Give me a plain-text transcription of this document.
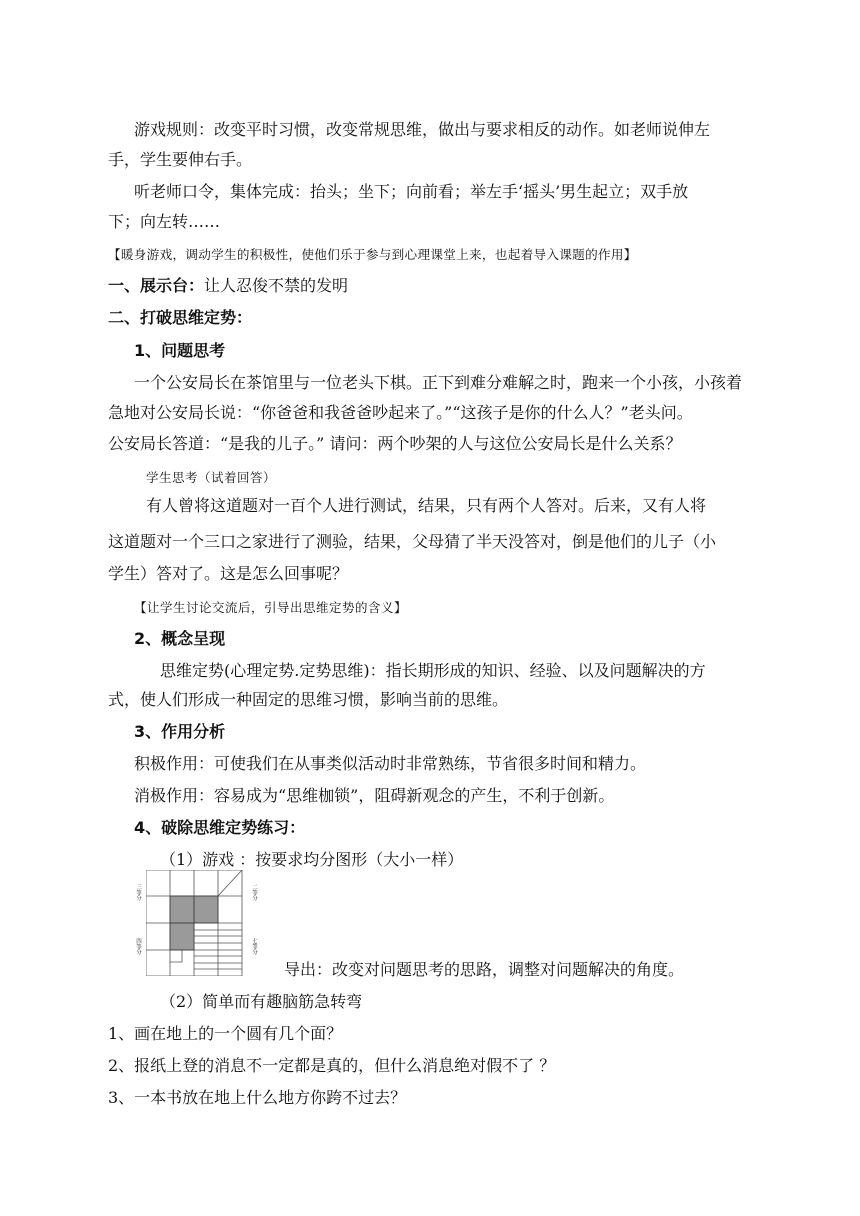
游戏规则：改变平时习惯，改变常规思维，做出与要求相反的动作。如老师说伸左
手，学生要伸右手。
听老师口令，集体完成：抬头；坐下；向前看；举左手‘摇头’男生起立；双手放
下；向左转……
【暖身游戏，调动学生的积极性，使他们乐于参与到心理课堂上来，也起着导入课题的作用】
一、展示台：让人忍俊不禁的发明
二、打破思维定势：
1、问题思考
一个公安局长在茶馆里与一位老头下棋。正下到难分难解之时，跑来一个小孩，小孩着
急地对公安局长说：“你爸爸和我爸爸吵起来了。”“这孩子是你的什么人？”老头问。
公安局长答道：“是我的儿子。” 请问：两个吵架的人与这位公安局长是什么关系？
学生思考（试着回答）
有人曾将这道题对一百个人进行测试，结果，只有两个人答对。后来，又有人将
这道题对一个三口之家进行了测验，结果，父母猜了半天没答对，倒是他们的儿子（小
学生）答对了。这是怎么回事呢？
【让学生讨论交流后，引导出思维定势的含义】
2、概念呈现
思维定势(心理定势.定势思维)：指长期形成的知识、经验、以及问题解决的方
式，使人们形成一种固定的思维习惯，影响当前的思维。
3、作用分析
积极作用：可使我们在从事类似活动时非常熟练，节省很多时间和精力。
消极作用：容易成为“思维枷锁”，阻碍新观念的产生，不利于创新。
4、破除思维定势练习：
（1）游戏 ：按要求均分图形（大小一样）
三等分	二等分
四等分	七等分
导出：改变对问题思考的思路，调整对问题解决的角度。
（2）简单而有趣脑筋急转弯
1、画在地上的一个圆有几个面？
2、报纸上登的消息不一定都是真的，但什么消息绝对假不了 ？
3、一本书放在地上什么地方你跨不过去？
